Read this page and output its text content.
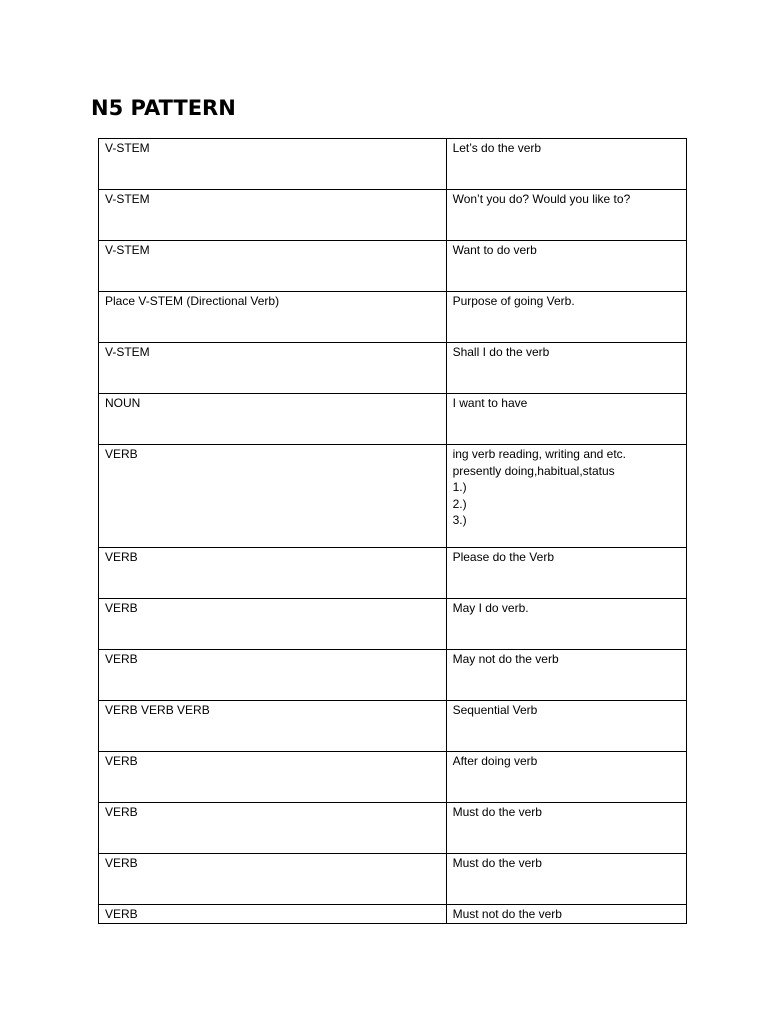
N5 PATTERN
V-STEM	Let’s do the verb

V-STEM	Won’t you do? Would you like to?

V-STEM	Want to do verb

Place V-STEM (Directional Verb)	Purpose of going Verb.

V-STEM	Shall I do the verb

NOUN	I want to have

VERB	ing verb reading, writing and etc.
presently doing,habitual,status
1.)
2.)
3.)

VERB	Please do the Verb

VERB	May I do verb.

VERB	May not do the verb

VERB VERB VERB	Sequential Verb

VERB	After doing verb

VERB	Must do the verb

VERB	Must do the verb

VERB	Must not do the verb
